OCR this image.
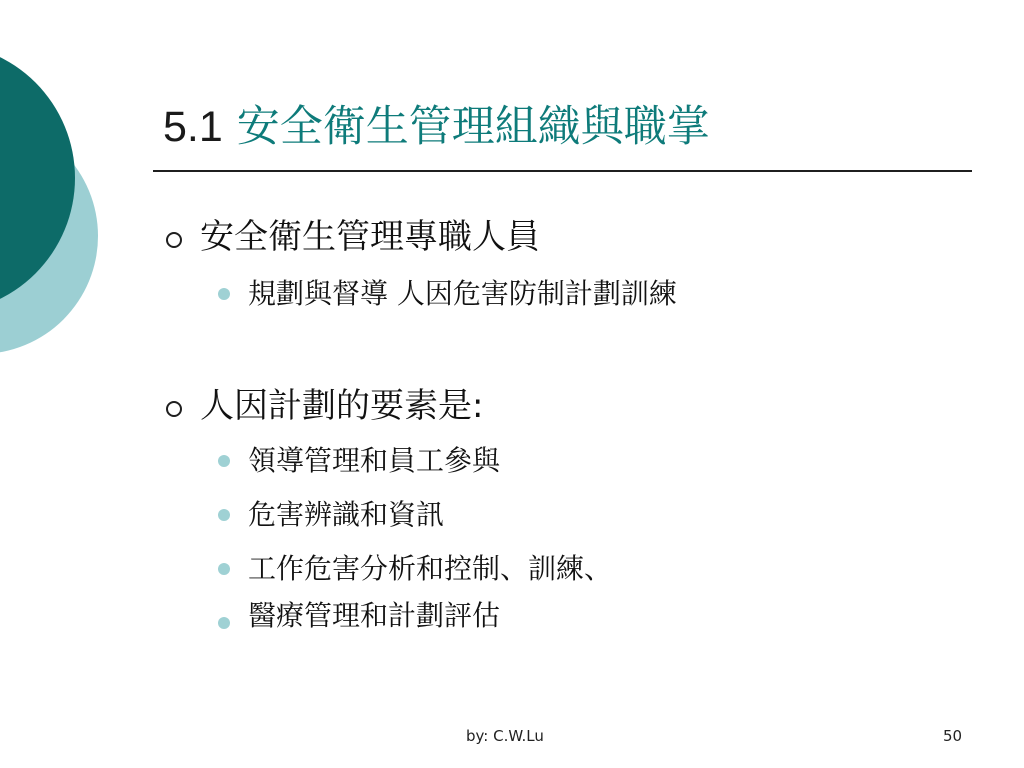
5.1 安全衛生管理組織與職掌
安全衛生管理專職人員
規劃與督導 人因危害防制計劃訓練
人因計劃的要素是:
領導管理和員工參與
危害辨識和資訊
工作危害分析和控制、訓練、
醫療管理和計劃評估
by: C.W.Lu	50
